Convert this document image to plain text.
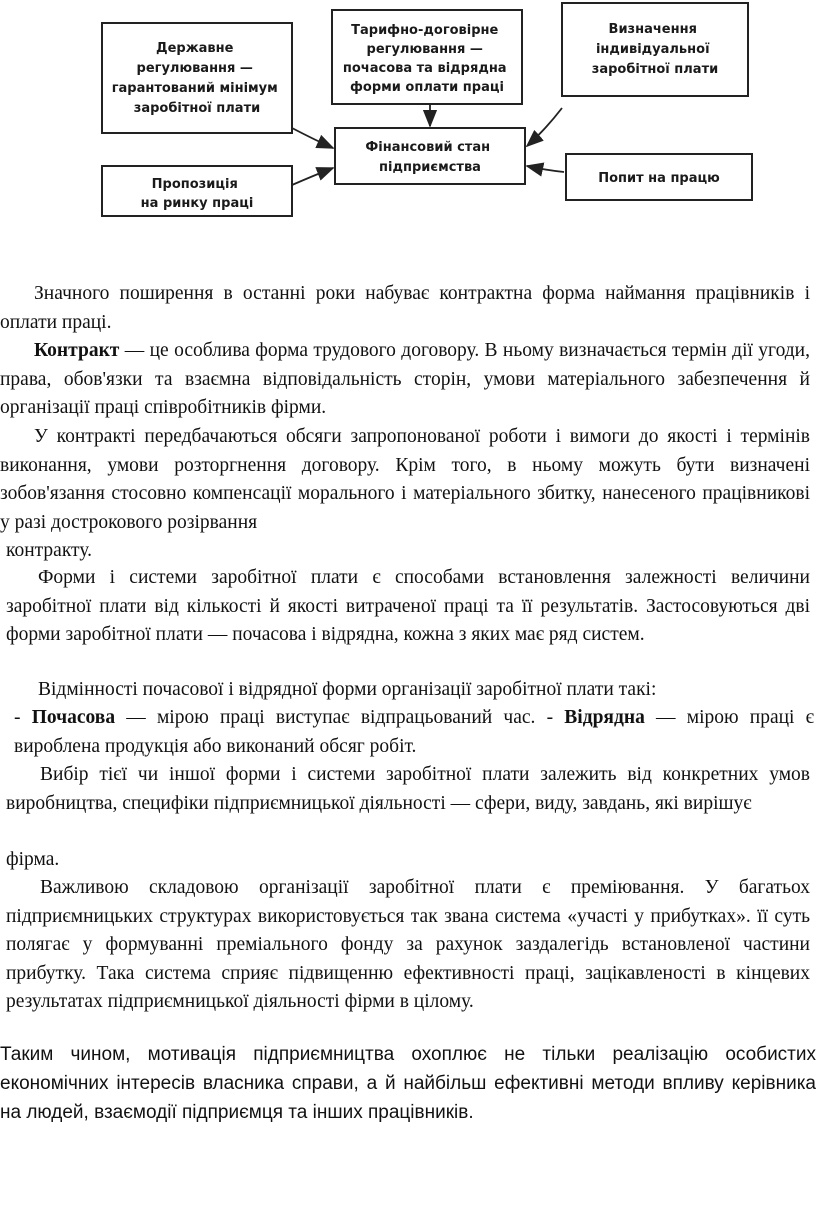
Державне регулювання — гарантований мінімум заробітної плати
Тарифно-договірне регулювання — почасова та відрядна форми оплати праці
Визначення індивідуальної заробітної плати
Фінансовий стан підприємства
Пропозиція на ринку праці
Попит на працю
Значного поширення в останні роки набуває контрактна форма наймання працівників і оплати праці.
Контракт — це особлива форма трудового договору. В ньому визначається термін дії угоди, права, обов'язки та взаємна відповідальність сторін, умови матеріального забезпечення й організації праці співробітників фірми.
У контракті передбачаються обсяги запропонованої роботи і вимоги до якості і термінів виконання, умови розторгнення договору. Крім того, в ньому можуть бути визначені зобов'язання стосовно компенсації морального і матеріального збитку, нанесеного працівникові у разі дострокового розірвання
контракту.
Форми і системи заробітної плати є способами встановлення залежності величини заробітної плати від кількості й якості витраченої праці та її результатів. Застосовуються дві форми заробітної плати — почасова і відрядна, кожна з яких має ряд систем.
Відмінності почасової і відрядної форми організації заробітної плати такі:
- Почасова — мірою праці виступає відпрацьований час. - Відрядна — мірою праці є вироблена продукція або виконаний обсяг робіт.
Вибір тієї чи іншої форми і системи заробітної плати залежить від конкретних умов виробництва, специфіки підприємницької діяльності — сфери, виду, завдань, які вирішує
фірма.
Важливою складовою організації заробітної плати є преміювання. У багатьох підприємницьких структурах використовується так звана система «участі у прибутках». її суть полягає у формуванні преміального фонду за рахунок заздалегідь встановленої частини прибутку. Така система сприяє підвищенню ефективності праці, зацікавленості в кінцевих результатах підприємницької діяльності фірми в цілому.
Таким чином, мотивація підприємництва охоплює не тільки реалізацію особистих економічних інтересів власника справи, а й найбільш ефективні методи впливу керівника на людей, взаємодії підприємця та інших працівників.
